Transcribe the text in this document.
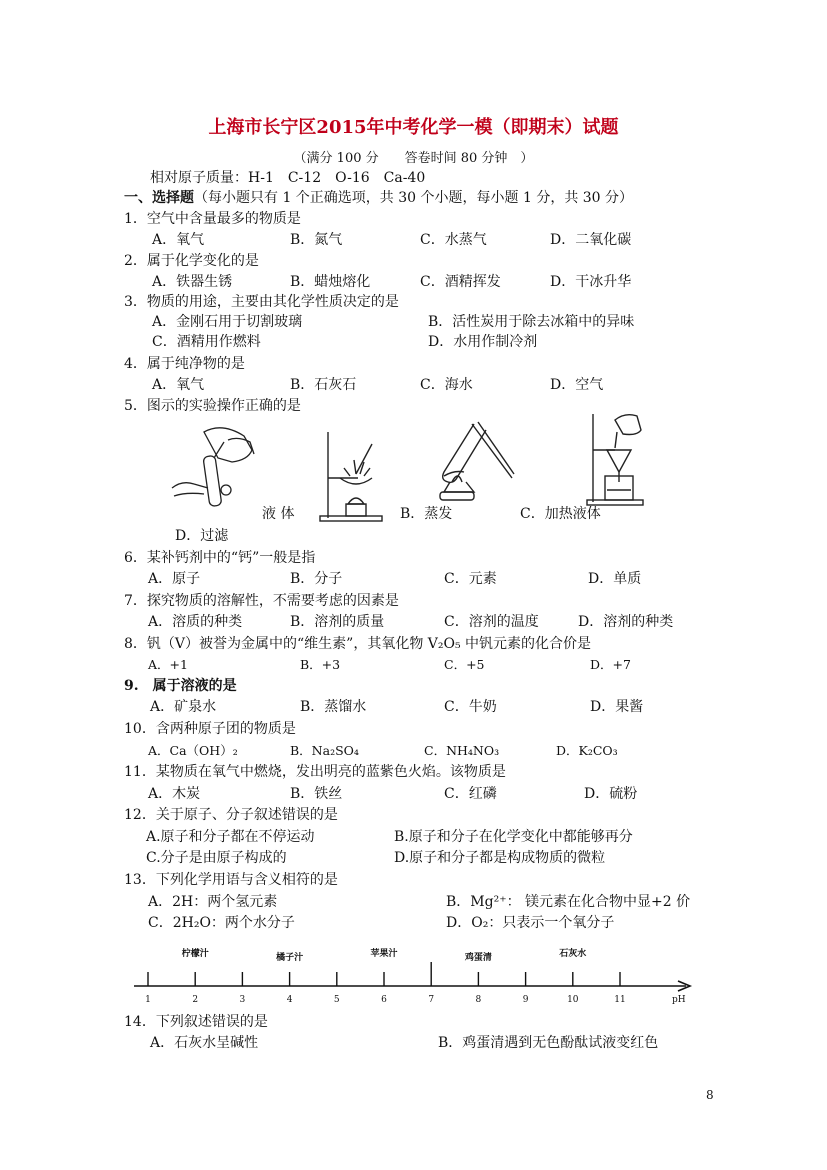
上海市长宁区2015年中考化学一模（即期末）试题
（满分 100 分　　答卷时间 80 分钟　）
相对原子质量：H-1　C-12　O-16　Ca-40
一、选择题（每小题只有 1 个正确选项，共 30 个小题，每小题 1 分，共 30 分）
1．空气中含量最多的物质是
A．氧气	B．氮气	C．水蒸气	D．二氧化碳
2．属于化学变化的是
A．铁器生锈	B．蜡烛熔化	C．酒精挥发	D．干冰升华
3．物质的用途，主要由其化学性质决定的是
A．金刚石用于切割玻璃	B．活性炭用于除去冰箱中的异味
C．酒精用作燃料	D．水用作制冷剂
4．属于纯净物的是
A．氧气	B．石灰石	C．海水	D．空气
5．图示的实验操作正确的是
液 体	B．蒸发	C．加热液体
D．过滤
6．某补钙剂中的“钙”一般是指
A．原子	B．分子	C．元素	D．单质
7．探究物质的溶解性，不需要考虑的因素是
A．溶质的种类	B．溶剂的质量	C．溶剂的温度	D．溶剂的种类
8．钒（V）被誉为金属中的“维生素”，其氧化物 V₂O₅ 中钒元素的化合价是
A．+1	B．+3	C．+5	D．+7
9.　属于溶液的是
A．矿泉水	B．蒸馏水	C．牛奶	D．果酱
10．含两种原子团的物质是
A．Ca（OH）₂	B．Na₂SO₄	C．NH₄NO₃	D．K₂CO₃
11．某物质在氧气中燃烧，发出明亮的蓝紫色火焰。该物质是
A．木炭	B．铁丝	C．红磷	D．硫粉
12．关于原子、分子叙述错误的是
A.原子和分子都在不停运动	B.原子和分子在化学变化中都能够再分
C.分子是由原子构成的	D.原子和分子都是构成物质的微粒
13．下列化学用语与含义相符的是
A．2H：两个氢元素	B．Mg²⁺： 镁元素在化合物中显+2 价
C．2H₂O：两个水分子	D．O₂：只表示一个氧分子
1	2	3	4	5	6	7	8	9	10	11
柠檬汁	橘子汁	苹果汁	鸡蛋清	石灰水
pH
14．下列叙述错误的是
A．石灰水呈碱性	B．鸡蛋清遇到无色酚酞试液变红色
8
